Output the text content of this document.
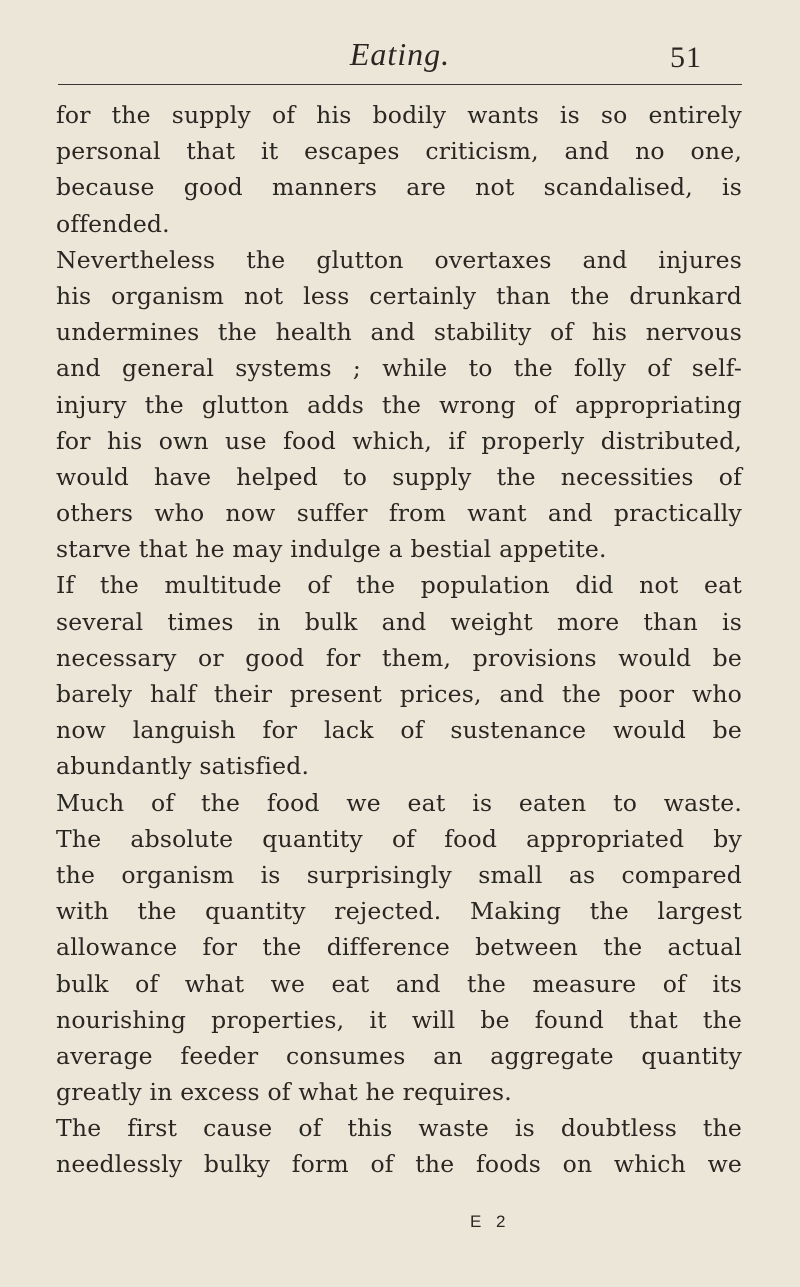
Eating.	51
for the supply of his bodily wants is so entirely
personal that it escapes criticism, and no one,
because good manners are not scandalised, is
offended.
Nevertheless the glutton overtaxes and injures
his organism not less certainly than the drunkard
undermines the health and stability of his nervous
and general systems ; while to the folly of self-
injury the glutton adds the wrong of appropriating
for his own use food which, if properly distributed,
would have helped to supply the necessities of
others who now suffer from want and practically
starve that he may indulge a bestial appetite.
If the multitude of the population did not eat
several times in bulk and weight more than is
necessary or good for them, provisions would be
barely half their present prices, and the poor who
now languish for lack of sustenance would be
abundantly satisfied.
Much of the food we eat is eaten to waste.
The absolute quantity of food appropriated by
the organism is surprisingly small as compared
with the quantity rejected. Making the largest
allowance for the difference between the actual
bulk of what we eat and the measure of its
nourishing properties, it will be found that the
average feeder consumes an aggregate quantity
greatly in excess of what he requires.
The first cause of this waste is doubtless the
needlessly bulky form of the foods on which we
E 2
